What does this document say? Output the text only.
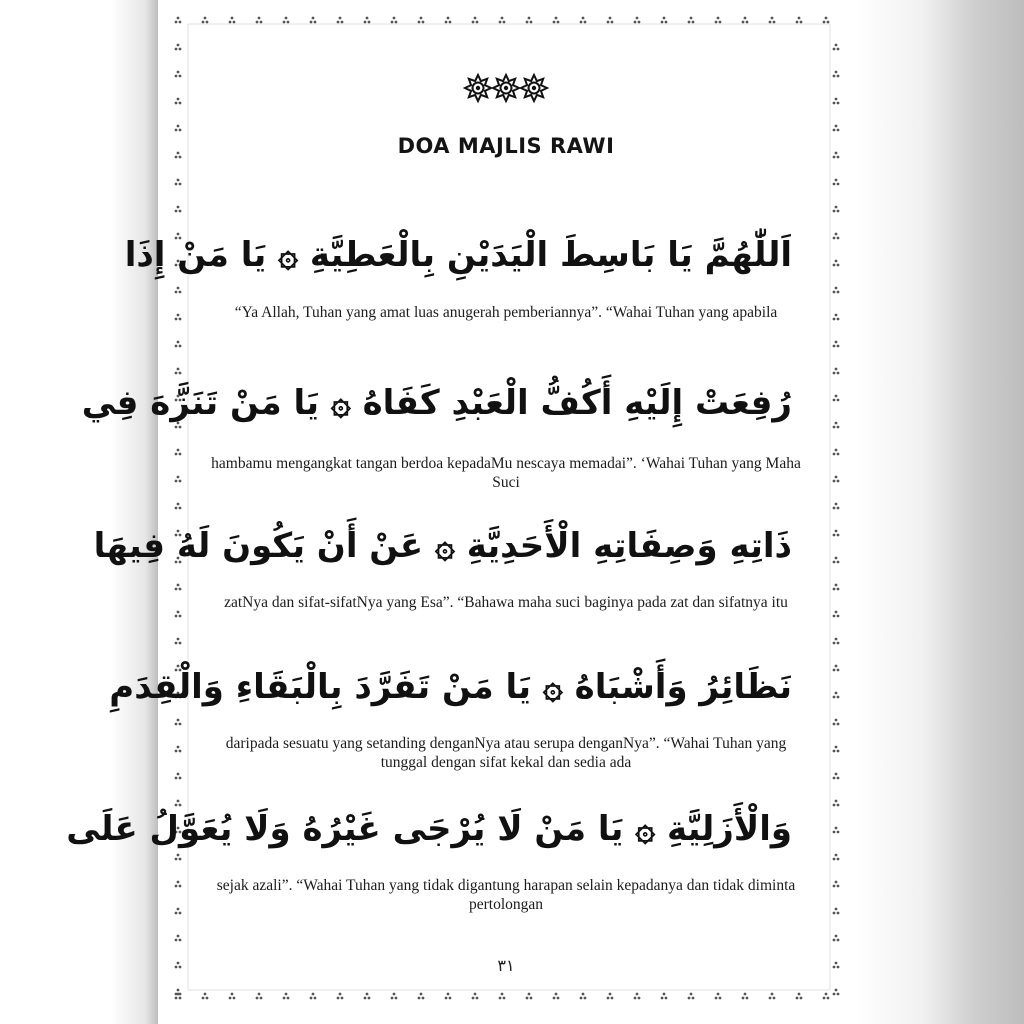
DOA MAJLIS RAWI
اَللّٰهُمَّ يَا بَاسِطَ الْيَدَيْنِ بِالْعَطِيَّةِ ۞ يَا مَنْ إِذَا

“Ya Allah, Tuhan yang amat luas anugerah pemberiannya”. “Wahai Tuhan yang apabila

رُفِعَتْ إِلَيْهِ أَكُفُّ الْعَبْدِ كَفَاهُ ۞ يَا مَنْ تَنَزَّهَ فِي

hambamu mengangkat tangan berdoa kepadaMu nescaya memadai”. ‘Wahai Tuhan yang Maha Suci

ذَاتِهِ وَصِفَاتِهِ الْأَحَدِيَّةِ ۞ عَنْ أَنْ يَكُونَ لَهُ فِيهَا

zatNya dan sifat-sifatNya yang Esa”. “Bahawa maha suci baginya pada zat dan sifatnya itu

نَظَائِرُ وَأَشْبَاهُ ۞ يَا مَنْ تَفَرَّدَ بِالْبَقَاءِ وَالْقِدَمِ

daripada sesuatu yang setanding denganNya atau serupa denganNya”. “Wahai Tuhan yang tunggal dengan sifat kekal dan sedia ada

وَالْأَزَلِيَّةِ ۞ يَا مَنْ لَا يُرْجَى غَيْرُهُ وَلَا يُعَوَّلُ عَلَى

sejak azali”. “Wahai Tuhan yang tidak digantung harapan selain kepadanya dan tidak diminta pertolongan

٣١
